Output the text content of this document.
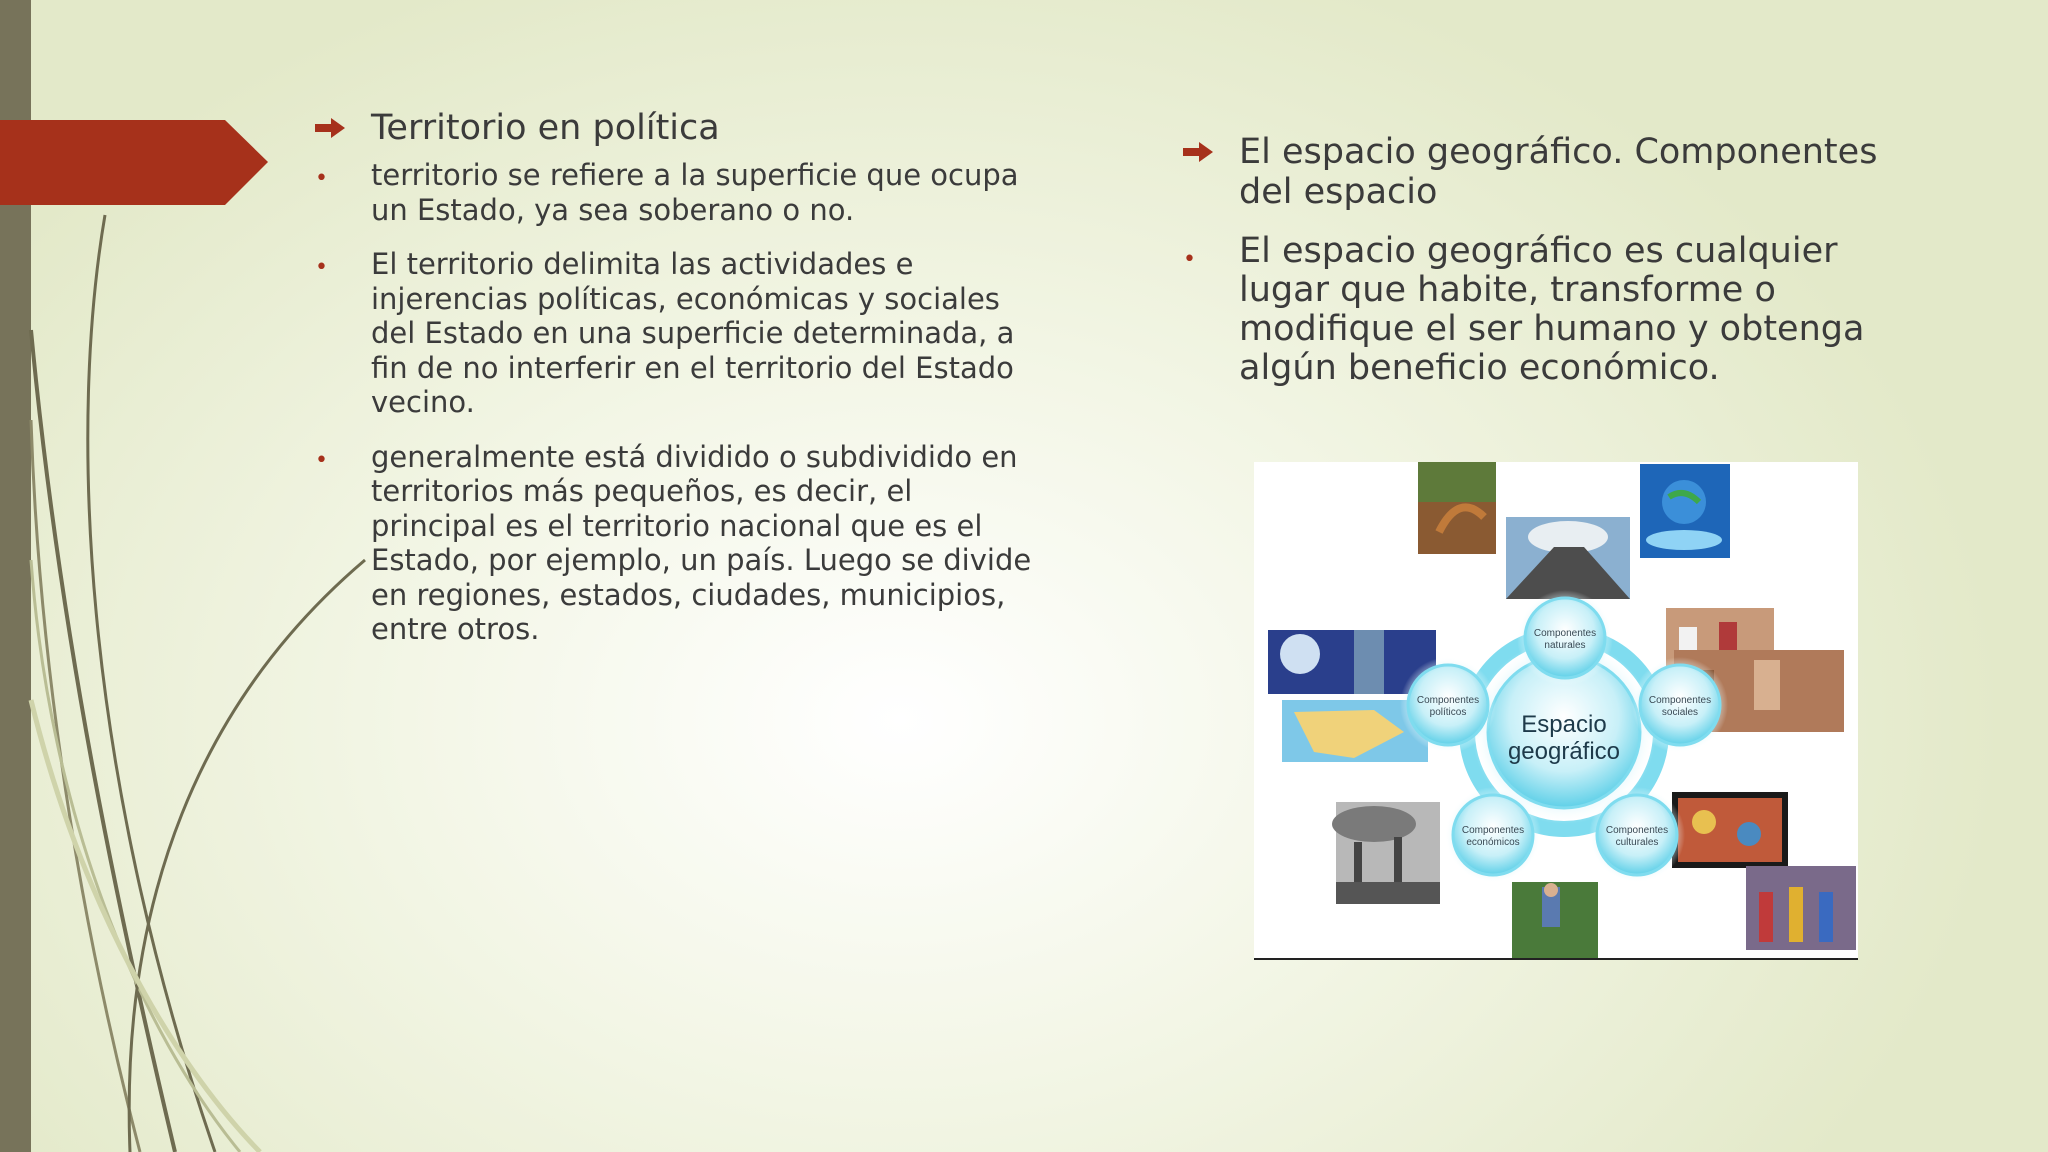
Territorio en política
• territorio se refiere a la superficie que ocupa un Estado, ya sea soberano o no.
• El territorio delimita las actividades e injerencias políticas, económicas y sociales del Estado en una superficie determinada, a fin de no interferir en el territorio del Estado vecino.
• generalmente está dividido o subdividido en territorios más pequeños, es decir, el principal es el territorio nacional que es el Estado, por ejemplo, un país. Luego se divide en regiones, estados, ciudades, municipios, entre otros.
El espacio geográfico. Componentes del espacio
• El espacio geográfico es cualquier lugar que habite, transforme o modifique el ser humano y obtenga algún beneficio económico.
Espacio
geográfico
Componentes
naturales
Componentes
sociales
Componentes
culturales
Componentes
económicos
Componentes
políticos
